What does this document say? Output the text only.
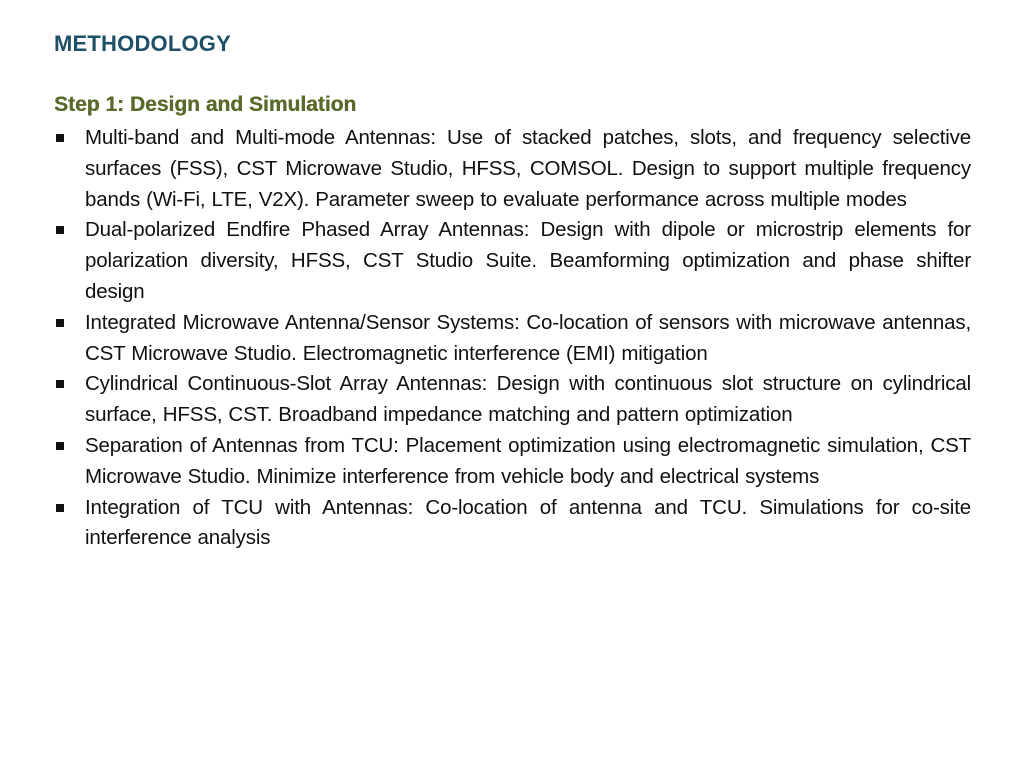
METHODOLOGY
Step 1: Design and Simulation
Multi-band and Multi-mode Antennas: Use of stacked patches, slots, and frequency selective surfaces (FSS), CST Microwave Studio, HFSS, COMSOL. Design to support multiple frequency bands (Wi-Fi, LTE, V2X). Parameter sweep to evaluate performance across multiple modes
Dual-polarized Endfire Phased Array Antennas: Design with dipole or microstrip elements for polarization diversity, HFSS, CST Studio Suite. Beamforming optimization and phase shifter design
Integrated Microwave Antenna/Sensor Systems: Co-location of sensors with microwave antennas, CST Microwave Studio. Electromagnetic interference (EMI) mitigation
Cylindrical Continuous-Slot Array Antennas: Design with continuous slot structure on cylindrical surface, HFSS, CST. Broadband impedance matching and pattern optimization
Separation of Antennas from TCU: Placement optimization using electromagnetic simulation, CST Microwave Studio. Minimize interference from vehicle body and electrical systems
Integration of TCU with Antennas: Co-location of antenna and TCU. Simulations for co-site interference analysis
